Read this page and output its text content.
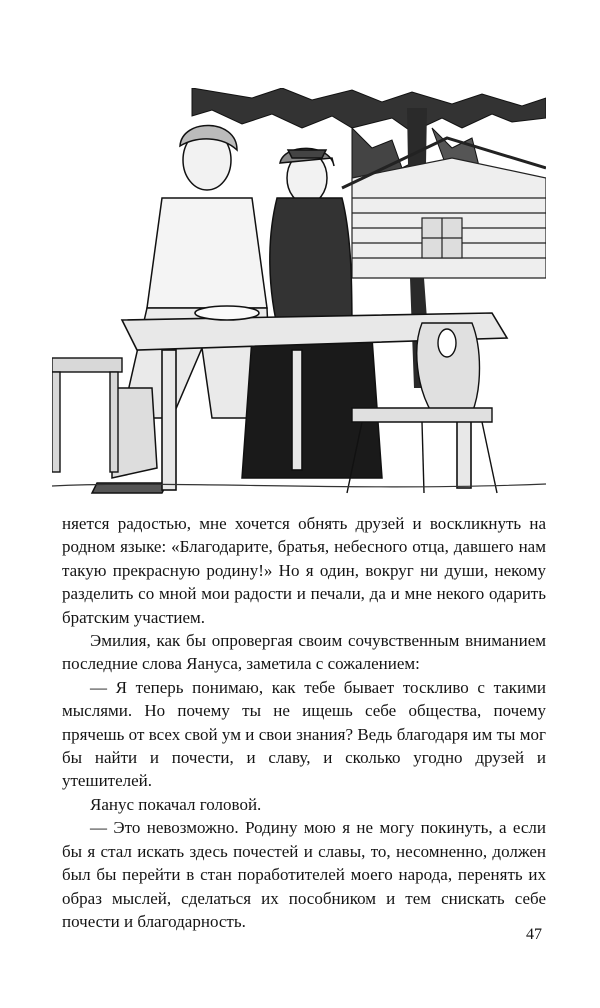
няется радостью, мне хочется обнять друзей и воскликнуть на родном языке: «Благодарите, братья, небесного отца, давшего нам такую прекрасную родину!» Но я один, вокруг ни души, некому разделить со мной мои радости и печали, да и мне некого одарить братским участием.

Эмилия, как бы опровергая своим сочувственным вниманием последние слова Яануса, заметила с сожалением:

— Я теперь понимаю, как тебе бывает тоскливо с такими мыслями. Но почему ты не ищешь себе общества, почему прячешь от всех свой ум и свои знания? Ведь благодаря им ты мог бы найти и почести, и славу, и сколько угодно друзей и утешителей.

Яанус покачал головой.

— Это невозможно. Родину мою я не могу покинуть, а если бы я стал искать здесь почестей и славы, то, несомненно, должен был бы перейти в стан поработителей моего народа, перенять их образ мыслей, сделаться их пособником и тем снискать себе почести и благодарность.

47
